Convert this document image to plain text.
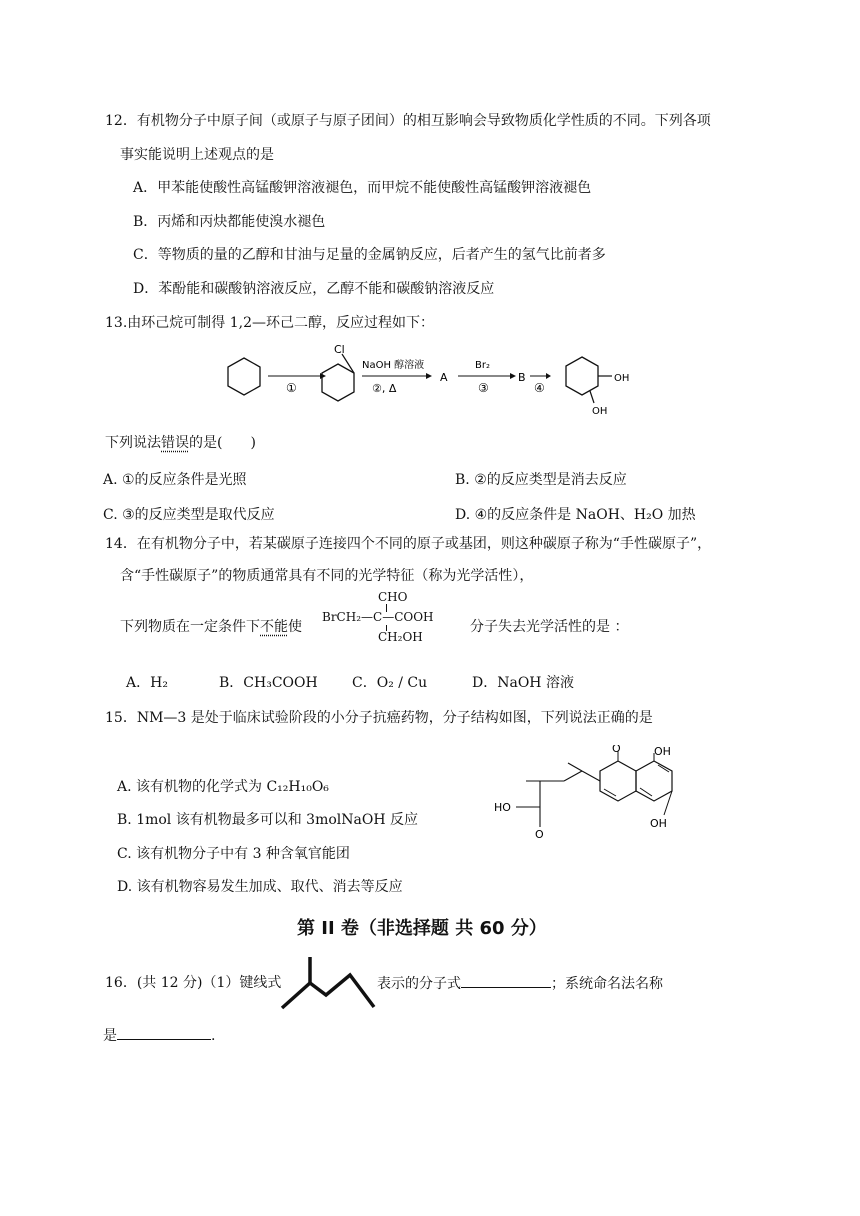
12．有机物分子中原子间（或原子与原子团间）的相互影响会导致物质化学性质的不同。下列各项
事实能说明上述观点的是
A．甲苯能使酸性高锰酸钾溶液褪色，而甲烷不能使酸性高锰酸钾溶液褪色
B．丙烯和丙炔都能使溴水褪色
C．等物质的量的乙醇和甘油与足量的金属钠反应，后者产生的氢气比前者多
D．苯酚能和碳酸钠溶液反应，乙醇不能和碳酸钠溶液反应
13.由环己烷可制得 1,2—环己二醇，反应过程如下：
①
Cl
NaOH 醇溶液
②, Δ
A
Br₂
③
B
④
OH
OH
下列说法错误的是(　　)
A. ①的反应条件是光照	B. ②的反应类型是消去反应
C. ③的反应类型是取代反应	D. ④的反应条件是 NaOH、H₂O 加热
14．在有机物分子中，若某碳原子连接四个不同的原子或基团，则这种碳原子称为“手性碳原子”，
含“手性碳原子”的物质通常具有不同的光学特征（称为光学活性），
下列物质在一定条件下不能使
CHO
BrCH₂—C—COOH
CH₂OH
分子失去光学活性的是 ：
A．H₂	B．CH₃COOH C．O₂ / Cu	D．NaOH 溶液
15．NM—3 是处于临床试验阶段的小分子抗癌药物，分子结构如图，下列说法正确的是
A. 该有机物的化学式为 C₁₂H₁₀O₆
B. 1mol 该有机物最多可以和 3molNaOH 反应
C. 该有机物分子中有 3 种含氧官能团
D. 该有机物容易发生加成、取代、消去等反应
O	OH
OH
HO
O
第 II 卷（非选择题 共 60 分）
16．(共 12 分)（1）键线式	表示的分子式	；系统命名法名称
是	.
